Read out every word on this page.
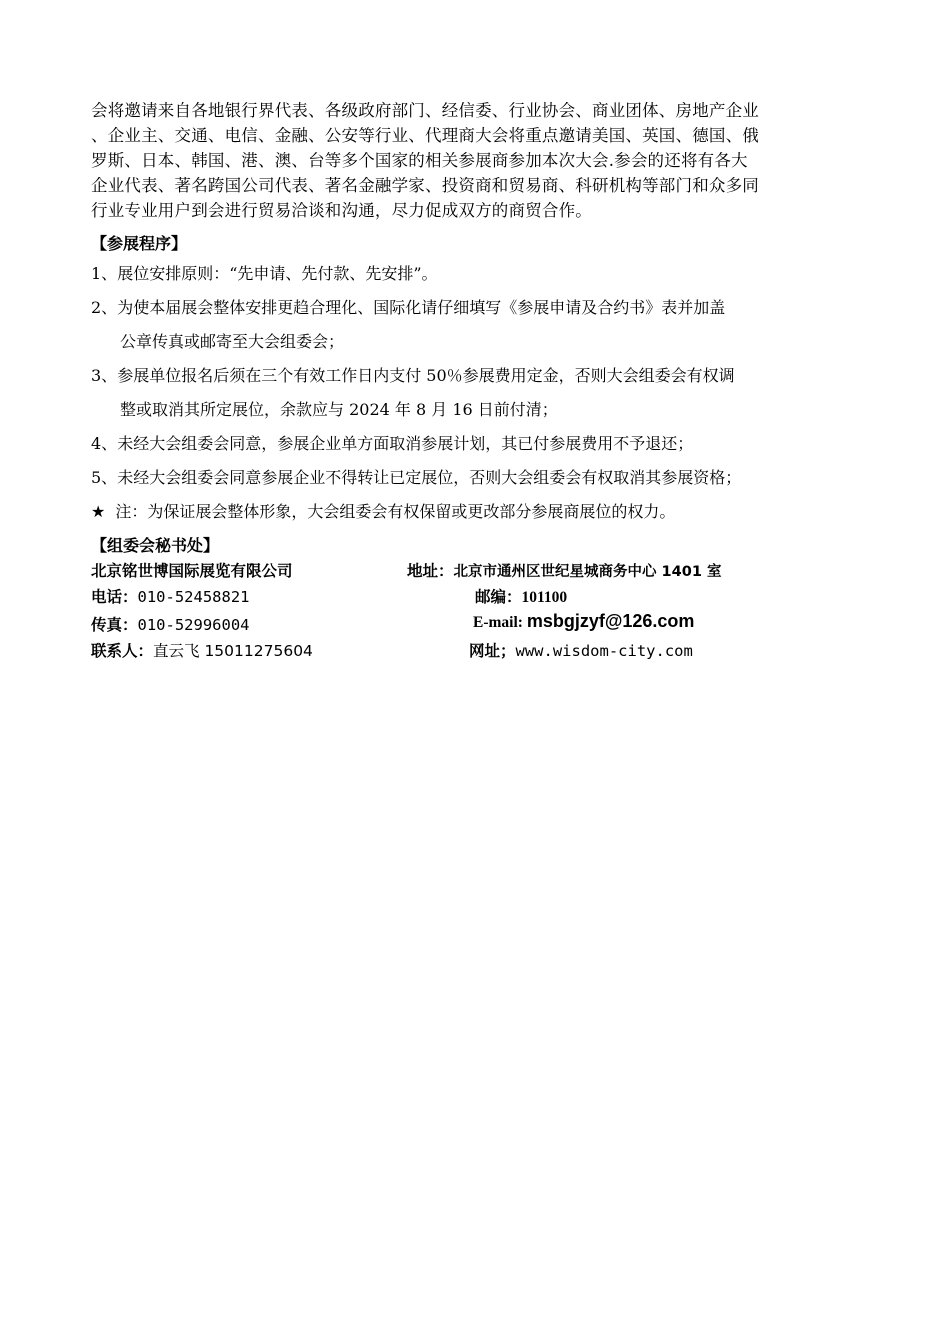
会将邀请来自各地银行界代表、各级政府部门、经信委、行业协会、商业团体、房地产企业
、企业主、交通、电信、金融、公安等行业、代理商大会将重点邀请美国、英国、德国、俄
罗斯、日本、韩国、港、澳、台等多个国家的相关参展商参加本次大会.参会的还将有各大
企业代表、著名跨国公司代表、著名金融学家、投资商和贸易商、科研机构等部门和众多同
行业专业用户到会进行贸易洽谈和沟通，尽力促成双方的商贸合作。
【参展程序】
1、 展位安排原则：“先申请、先付款、先安排”。
2、为使本届展会整体安排更趋合理化、国际化请仔细填写《参展申请及合约书》表并加盖
公章传真或邮寄至大会组委会；
3、参展单位报名后须在三个有效工作日内支付 50％参展费用定金，否则大会组委会有权调
整或取消其所定展位，余款应与 2024 年 8 月 16 日前付清；
4、 未经大会组委会同意，参展企业单方面取消参展计划，其已付参展费用不予退还；
5、 未经大会组委会同意参展企业不得转让已定展位，否则大会组委会有权取消其参展资格；
★ 注：为保证展会整体形象，大会组委会有权保留或更改部分参展商展位的权力。
【组委会秘书处】
北京铭世博国际展览有限公司	地址：北京市通州区世纪星城商务中心 1401 室
电话：010-52458821	邮编：101100
传真：010-52996004	E-mail: msbgjzyf@126.com
联系人：直云飞 15011275604	网址；www.wisdom-city.com
